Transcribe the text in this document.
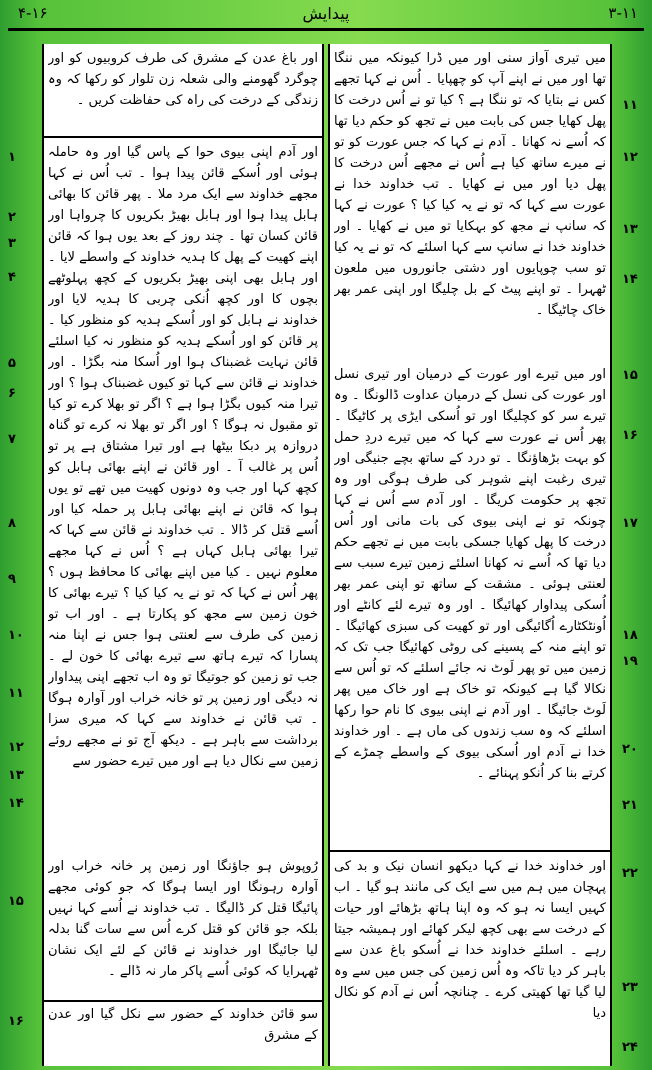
۴-۱۶	پیدایش	۳-۱۱
میں تیری آواز سنی اور میں ڈرا کیونکہ میں ننگا تھا اور میں نے اپنے آپ کو چھپایا ۔ اُس نے کہا تجھے کس نے بتایا کہ تو ننگا ہے ؟ کیا تو نے اُس درخت کا پھل کھایا جس کی بابت میں نے تجھ کو حکم دیا تھا کہ اُسے نہ کھانا ۔ آدم نے کہا کہ جس عورت کو تو نے میرے ساتھ کیا ہے اُس نے مجھے اُس درخت کا پھل دیا اور میں نے کھایا ۔ تب خداوند خدا نے عورت سے کہا کہ تو نے یہ کیا کیا ؟ عورت نے کہا کہ سانپ نے مجھ کو بہکایا تو میں نے کھایا ۔ اور خداوند خدا نے سانپ سے کہا اسلئے کہ تو نے یہ کیا تو سب چوپایوں اور دشتی جانوروں میں ملعون ٹھہرا ۔ تو اپنے پیٹ کے بل چلیگا اور اپنی عمر بھر خاک چاٹیگا ۔
اور میں تیرے اور عورت کے درمیان اور تیری نسل اور عورت کی نسل کے درمیان عداوت ڈالونگا ۔ وہ تیرے سر کو کچلیگا اور تو اُسکی ایڑی پر کاٹیگا ۔ پھر اُس نے عورت سے کہا کہ میں تیرے دردِ حمل کو بہت بڑھاؤنگا ۔ تو درد کے ساتھ بچے جنیگی اور تیری رغبت اپنے شوہر کی طرف ہوگی اور وہ تجھ پر حکومت کریگا ۔ اور آدم سے اُس نے کہا چونکہ تو نے اپنی بیوی کی بات مانی اور اُس درخت کا پھل کھایا جسکی بابت میں نے تجھے حکم دیا تھا کہ اُسے نہ کھانا اسلئے زمین تیرے سبب سے لعنتی ہوئی ۔ مشقت کے ساتھ تو اپنی عمر بھر اُسکی پیداوار کھائیگا ۔ اور وہ تیرے لئے کانٹے اور اُونٹکٹارے اُگائیگی اور تو کھیت کی سبزی کھائیگا ۔ تو اپنے منہ کے پسینے کی روٹی کھائیگا جب تک کہ زمین میں تو پھر لَوٹ نہ جائے اسلئے کہ تو اُس سے نکالا گیا ہے کیونکہ تو خاک ہے اور خاک میں پھر لَوٹ جائیگا ۔ اور آدم نے اپنی بیوی کا نام حوا رکھا اسلئے کہ وہ سب زندوں کی ماں ہے ۔ اور خداوند خدا نے آدم اور اُسکی بیوی کے واسطے چمڑے کے کرتے بنا کر اُنکو پہنائے ۔
اور خداوند خدا نے کہا دیکھو انسان نیک و بد کی پہچان میں ہم میں سے ایک کی مانند ہو گیا ۔ اب کہیں ایسا نہ ہو کہ وہ اپنا ہاتھ بڑھائے اور حیات کے درخت سے بھی کچھ لیکر کھائے اور ہمیشہ جیتا رہے ۔ اسلئے خداوند خدا نے اُسکو باغ عدن سے باہر کر دیا تاکہ وہ اُس زمین کی جس میں سے وہ لیا گیا تھا کھیتی کرے ۔ چنانچہ اُس نے آدم کو نکال دیا
اور باغ عدن کے مشرق کی طرف کروبیوں کو اور چوگرد گھومنے والی شعلہ زن تلوار کو رکھا کہ وہ زندگی کے درخت کی راہ کی حفاظت کریں ۔
اور آدم اپنی بیوی حوا کے پاس گیا اور وہ حاملہ ہوئی اور اُسکے قائن پیدا ہوا ۔ تب اُس نے کہا مجھے خداوند سے ایک مرد ملا ۔ پھر قائن کا بھائی ہابل پیدا ہوا اور ہابل بھیڑ بکریوں کا چرواہا اور قائن کسان تھا ۔ چند روز کے بعد یوں ہوا کہ قائن اپنے کھیت کے پھل کا ہدیہ خداوند کے واسطے لایا ۔ اور ہابل بھی اپنی بھیڑ بکریوں کے کچھ پہلوٹھے بچوں کا اور کچھ اُنکی چربی کا ہدیہ لایا اور خداوند نے ہابل کو اور اُسکے ہدیہ کو منظور کیا ۔ پر قائن کو اور اُسکے ہدیہ کو منظور نہ کیا اسلئے قائن نہایت غضبناک ہوا اور اُسکا منہ بگڑا ۔ اور خداوند نے قائن سے کہا تو کیوں غضبناک ہوا ؟ اور تیرا منہ کیوں بگڑا ہوا ہے ؟ اگر تو بھلا کرے تو کیا تو مقبول نہ ہوگا ؟ اور اگر تو بھلا نہ کرے تو گناہ دروازہ پر دبکا بیٹھا ہے اور تیرا مشتاق ہے پر تو اُس پر غالب آ ۔ اور قائن نے اپنے بھائی ہابل کو کچھ کہا اور جب وہ دونوں کھیت میں تھے تو یوں ہوا کہ قائن نے اپنے بھائی ہابل پر حملہ کیا اور اُسے قتل کر ڈالا ۔ تب خداوند نے قائن سے کہا کہ تیرا بھائی ہابل کہاں ہے ؟ اُس نے کہا مجھے معلوم نہیں ۔ کیا میں اپنے بھائی کا محافظ ہوں ؟ پھر اُس نے کہا کہ تو نے یہ کیا کیا ؟ تیرے بھائی کا خون زمین سے مجھ کو پکارتا ہے ۔ اور اب تو زمین کی طرف سے لعنتی ہوا جس نے اپنا منہ پسارا کہ تیرے ہاتھ سے تیرے بھائی کا خون لے ۔ جب تو زمین کو جوتیگا تو وہ اب تجھے اپنی پیداوار نہ دیگی اور زمین پر تو خانہ خراب اور آوارہ ہوگا ۔ تب قائن نے خداوند سے کہا کہ میری سزا برداشت سے باہر ہے ۔ دیکھ آج تو نے مجھے روئے زمین سے نکال دیا ہے اور میں تیرے حضور سے
رُوپوش ہو جاؤنگا اور زمین پر خانہ خراب اور آوارہ رہونگا اور ایسا ہوگا کہ جو کوئی مجھے پائیگا قتل کر ڈالیگا ۔ تب خداوند نے اُسے کہا نہیں بلکہ جو قائن کو قتل کرے اُس سے سات گنا بدلہ لیا جائیگا اور خداوند نے قائن کے لئے ایک نشان ٹھہرایا کہ کوئی اُسے پاکر مار نہ ڈالے ۔
سو قائن خداوند کے حضور سے نکل گیا اور عدن کے مشرق
۱۱
۱۲
۱۳
۱۴
۱۵
۱۶
۱۷
۱۸
۱۹
۲۰
۲۱
۲۲
۲۳
۲۴
۱
۲
۳
۴
۵
۶
۷
۸
۹
۱۰
۱۱
۱۲
۱۳
۱۴
۱۵
۱۶
